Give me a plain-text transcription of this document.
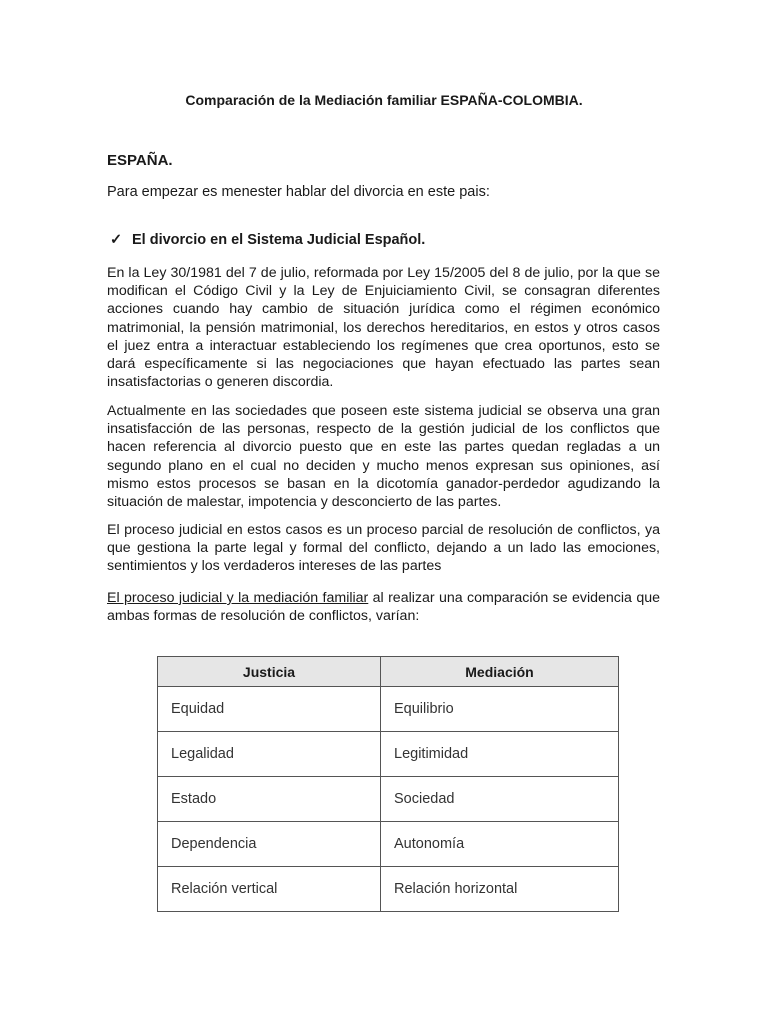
Comparación de la Mediación familiar ESPAÑA-COLOMBIA.
ESPAÑA.
Para empezar es menester hablar del divorcia en este pais:
✓ El divorcio en el Sistema Judicial Español.

En la Ley 30/1981 del 7 de julio, reformada por Ley 15/2005 del 8 de julio, por la que se modifican el Código Civil y la Ley de Enjuiciamiento Civil, se consagran diferentes acciones cuando hay cambio de situación jurídica como el régimen económico matrimonial, la pensión matrimonial, los derechos hereditarios, en estos y otros casos el juez entra a interactuar estableciendo los regímenes que crea oportunos, esto se dará específicamente si las negociaciones que hayan efectuado las partes sean insatisfactorias o generen discordia.

Actualmente en las sociedades que poseen este sistema judicial se observa una gran insatisfacción de las personas, respecto de la gestión judicial de los conflictos que hacen referencia al divorcio puesto que en este las partes quedan regladas a un segundo plano en el cual no deciden y mucho menos expresan sus opiniones, así mismo estos procesos se basan en la dicotomía ganador-perdedor agudizando la situación de malestar, impotencia y desconcierto de las partes.

El proceso judicial en estos casos es un proceso parcial de resolución de conflictos, ya que gestiona la parte legal y formal del conflicto, dejando a un lado las emociones, sentimientos y los verdaderos intereses de las partes

El proceso judicial y la mediación familiar al realizar una comparación se evidencia que ambas formas de resolución de conflictos, varían:

Justicia	Mediación
Equidad	Equilibrio
Legalidad	Legitimidad
Estado	Sociedad
Dependencia	Autonomía
Relación vertical	Relación horizontal
